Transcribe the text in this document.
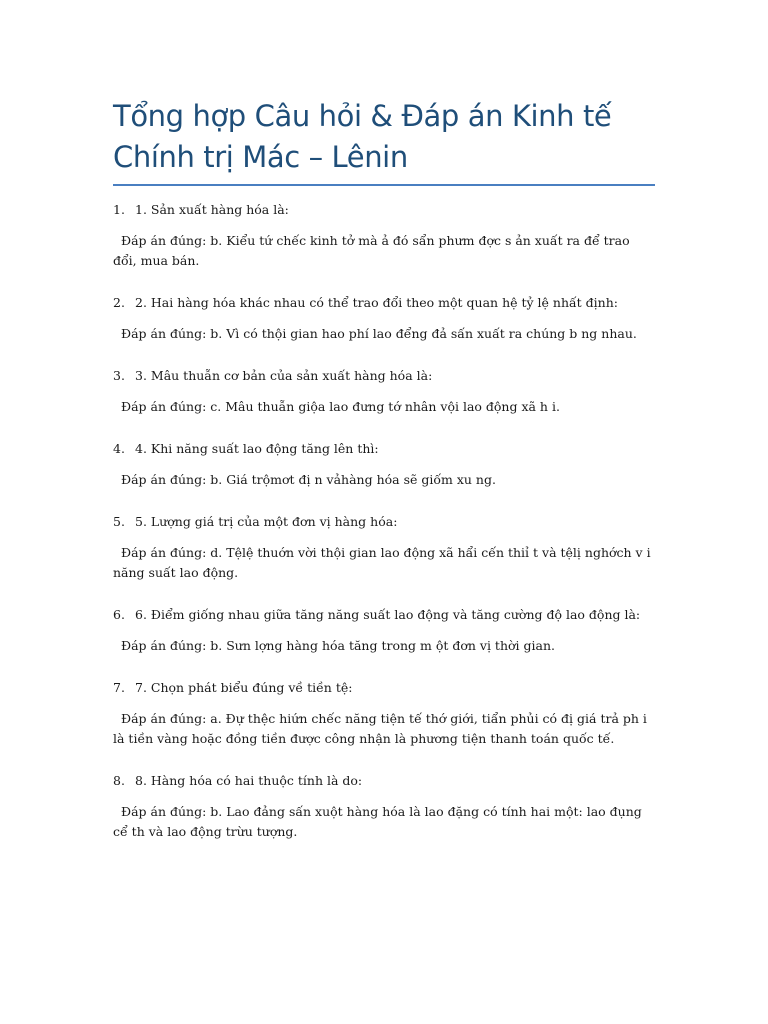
Tổng hợp Câu hỏi & Đáp án Kinh tế Chính trị Mác – Lênin
1. 1. Sản xuất hàng hóa là:

Đáp án đúng: b. Kiểu tứ chếc kinh tở mà ả đó sẩn phưm đợc s ản xuất ra để trao đổi, mua bán.

2. 2. Hai hàng hóa khác nhau có thể trao đổi theo một quan hệ tỷ lệ nhất định:

Đáp án đúng: b. Vì có thội gian hao phí lao đểng đả sấn xuất ra chúng b ng nhau.

3. 3. Mâu thuẫn cơ bản của sản xuất hàng hóa là:

Đáp án đúng: c. Mâu thuẫn giộa lao đưng tớ nhân vội lao động xã h i.

4. 4. Khi năng suất lao động tăng lên thì:

Đáp án đúng: b. Giá trộmơt đị n vảhàng hóa sẽ giốm xu ng.

5. 5. Lượng giá trị của một đơn vị hàng hóa:

Đáp án đúng: d. Tệlệ thuớn vời thội gian lao động xã hẩi cến thiỉ t và tệlị nghớch v i năng suất lao động.

6. 6. Điểm giống nhau giữa tăng năng suất lao động và tăng cường độ lao động là:

Đáp án đúng: b. Sưn lợng hàng hóa tăng trong m ột đơn vị thời gian.

7. 7. Chọn phát biểu đúng về tiền tệ:

Đáp án đúng: a. Đự thệc hiứn chếc năng tiện tế thớ giới, tiẩn phủi có đị giá trả ph i là tiền vàng hoặc đồng tiền được công nhận là phương tiện thanh toán quốc tế.

8. 8. Hàng hóa có hai thuộc tính là do:

Đáp án đúng: b. Lao đảng sấn xuột hàng hóa là lao đặng có tính hai một: lao đụng cể th và lao động trừu tượng.
